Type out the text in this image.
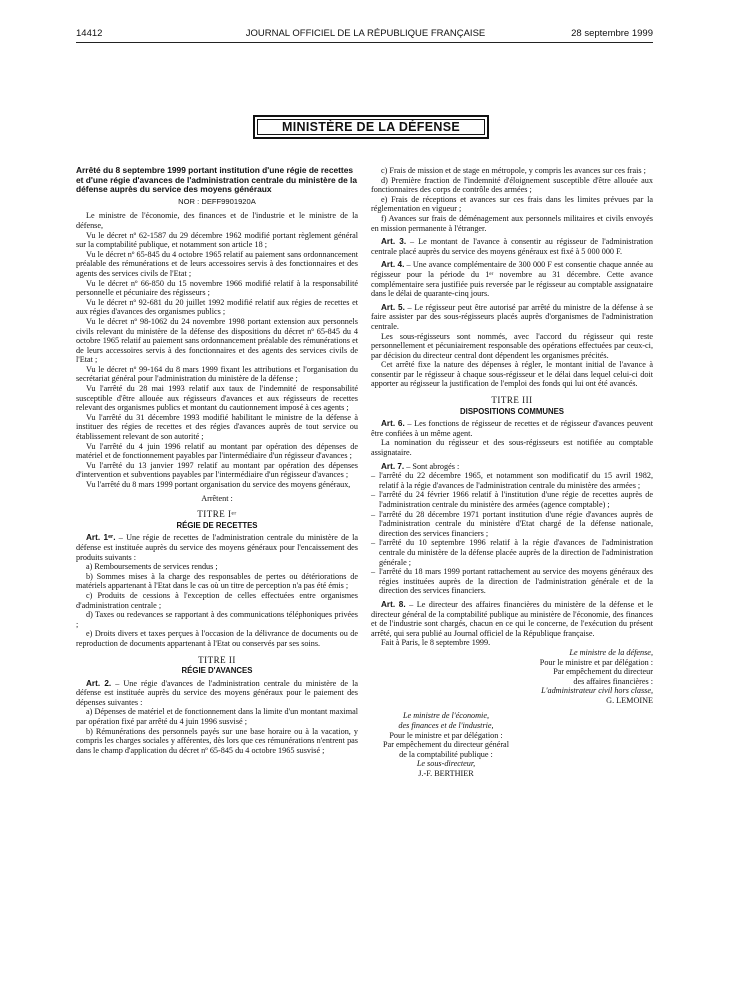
14412	JOURNAL OFFICIEL DE LA RÉPUBLIQUE FRANÇAISE	28 septembre 1999
MINISTÈRE DE LA DÉFENSE
Arrêté du 8 septembre 1999 portant institution d'une régie de recettes et d'une régie d'avances de l'administration centrale du ministère de la défense auprès du service des moyens généraux
NOR : DEFF9901920A

Le ministre de l'économie, des finances et de l'industrie et le ministre de la défense,

Vu le décret nº 62-1587 du 29 décembre 1962 modifié portant règlement général sur la comptabilité publique, et notamment son article 18 ;

Vu le décret nº 65-845 du 4 octobre 1965 relatif au paiement sans ordonnancement préalable des rémunérations et de leurs accessoires servis à des fonctionnaires et des agents des services civils de l'Etat ;

Vu le décret nº 66-850 du 15 novembre 1966 modifié relatif à la responsabilité personnelle et pécuniaire des régisseurs ;

Vu le décret nº 92-681 du 20 juillet 1992 modifié relatif aux régies de recettes et aux régies d'avances des organismes publics ;

Vu le décret nº 98-1062 du 24 novembre 1998 portant extension aux personnels civils relevant du ministère de la défense des dispositions du décret nº 65-845 du 4 octobre 1965 relatif au paiement sans ordonnancement préalable des rémunérations et de leurs accessoires servis à des fonctionnaires et des agents des services civils de l'Etat ;

Vu le décret nº 99-164 du 8 mars 1999 fixant les attributions et l'organisation du secrétariat général pour l'administration du ministère de la défense ;

Vu l'arrêté du 28 mai 1993 relatif aux taux de l'indemnité de responsabilité susceptible d'être allouée aux régisseurs d'avances et aux régisseurs de recettes relevant des organismes publics et montant du cautionnement imposé à ces agents ;

Vu l'arrêté du 31 décembre 1993 modifié habilitant le ministre de la défense à instituer des régies de recettes et des régies d'avances auprès de tout service ou établissement relevant de son autorité ;

Vu l'arrêté du 4 juin 1996 relatif au montant par opération des dépenses de matériel et de fonctionnement payables par l'intermédiaire d'un régisseur d'avances ;

Vu l'arrêté du 13 janvier 1997 relatif au montant par opération des dépenses d'intervention et subventions payables par l'intermédiaire d'un régisseur d'avances ;

Vu l'arrêté du 8 mars 1999 portant organisation du service des moyens généraux,

Arrêtent :
TITRE Iᵉʳ
RÉGIE DE RECETTES

Art. 1ᵉʳ. – Une régie de recettes de l'administration centrale du ministère de la défense est instituée auprès du service des moyens généraux pour l'encaissement des produits suivants :

a) Remboursements de services rendus ;

b) Sommes mises à la charge des responsables de pertes ou détériorations de matériels appartenant à l'Etat dans le cas où un titre de perception n'a pas été émis ;

c) Produits de cessions à l'exception de celles effectuées entre organismes d'administration centrale ;

d) Taxes ou redevances se rapportant à des communications téléphoniques privées ;

e) Droits divers et taxes perçues à l'occasion de la délivrance de documents ou de reproduction de documents appartenant à l'Etat ou conservés par ses soins.

TITRE II
RÉGIE D'AVANCES

Art. 2. – Une régie d'avances de l'administration centrale du ministère de la défense est instituée auprès du service des moyens généraux pour le paiement des dépenses suivantes :

a) Dépenses de matériel et de fonctionnement dans la limite d'un montant maximal par opération fixé par arrêté du 4 juin 1996 susvisé ;

b) Rémunérations des personnels payés sur une base horaire ou à la vacation, y compris les charges sociales y afférentes, dès lors que ces rémunérations n'entrent pas dans le champ d'application du décret nº 65-845 du 4 octobre 1965 susvisé ;

c) Frais de mission et de stage en métropole, y compris les avances sur ces frais ;

d) Première fraction de l'indemnité d'éloignement susceptible d'être allouée aux fonctionnaires des corps de contrôle des armées ;

e) Frais de réceptions et avances sur ces frais dans les limites prévues par la réglementation en vigueur ;

f) Avances sur frais de déménagement aux personnels militaires et civils envoyés en mission permanente à l'étranger.

Art. 3. – Le montant de l'avance à consentir au régisseur de l'administration centrale placé auprès du service des moyens généraux est fixé à 5 000 000 F.

Art. 4. – Une avance complémentaire de 300 000 F est consentie chaque année au régisseur pour la période du 1ᵉʳ novembre au 31 décembre. Cette avance complémentaire sera justifiée puis reversée par le régisseur au comptable assignataire dans le délai de quarante-cinq jours.

Art. 5. – Le régisseur peut être autorisé par arrêté du ministre de la défense à se faire assister par des sous-régisseurs placés auprès d'organismes de l'administration centrale.

Les sous-régisseurs sont nommés, avec l'accord du régisseur qui reste personnellement et pécuniairement responsable des opérations effectuées par ceux-ci, par décision du directeur central dont dépendent les organismes précités.

Cet arrêté fixe la nature des dépenses à régler, le montant initial de l'avance à consentir par le régisseur à chaque sous-régisseur et le délai dans lequel celui-ci doit apporter au régisseur la justification de l'emploi des fonds qui lui ont été avancés.

TITRE III
DISPOSITIONS COMMUNES

Art. 6. – Les fonctions de régisseur de recettes et de régisseur d'avances peuvent être confiées à un même agent.

La nomination du régisseur et des sous-régisseurs est notifiée au comptable assignataire.

Art. 7. – Sont abrogés :

– l'arrêté du 22 décembre 1965, et notamment son modificatif du 15 avril 1982, relatif à la régie d'avances de l'administration centrale du ministère des armées ;

– l'arrêté du 24 février 1966 relatif à l'institution d'une régie de recettes auprès de l'administration centrale du ministère des armées (agence comptable) ;

– l'arrêté du 28 décembre 1971 portant institution d'une régie d'avances auprès de l'administration centrale du ministère d'Etat chargé de la défense nationale, direction des services financiers ;

– l'arrêté du 10 septembre 1996 relatif à la régie d'avances de l'administration centrale du ministère de la défense placée auprès de la direction de l'administration générale ;

– l'arrêté du 18 mars 1999 portant rattachement au service des moyens généraux des régies instituées auprès de la direction de l'administration générale et de la direction des services financiers.

Art. 8. – Le directeur des affaires financières du ministère de la défense et le directeur général de la comptabilité publique au ministère de l'économie, des finances et de l'industrie sont chargés, chacun en ce qui le concerne, de l'exécution du présent arrêté, qui sera publié au Journal officiel de la République française.

Fait à Paris, le 8 septembre 1999.

Le ministre de la défense,
Pour le ministre et par délégation :
Par empêchement du directeur
des affaires financières :
L'administrateur civil hors classe,
G. LEMOINE
Le ministre de l'économie,
des finances et de l'industrie,
Pour le ministre et par délégation :
Par empêchement du directeur général
de la comptabilité publique :
Le sous-directeur,
J.-F. BERTHIER
